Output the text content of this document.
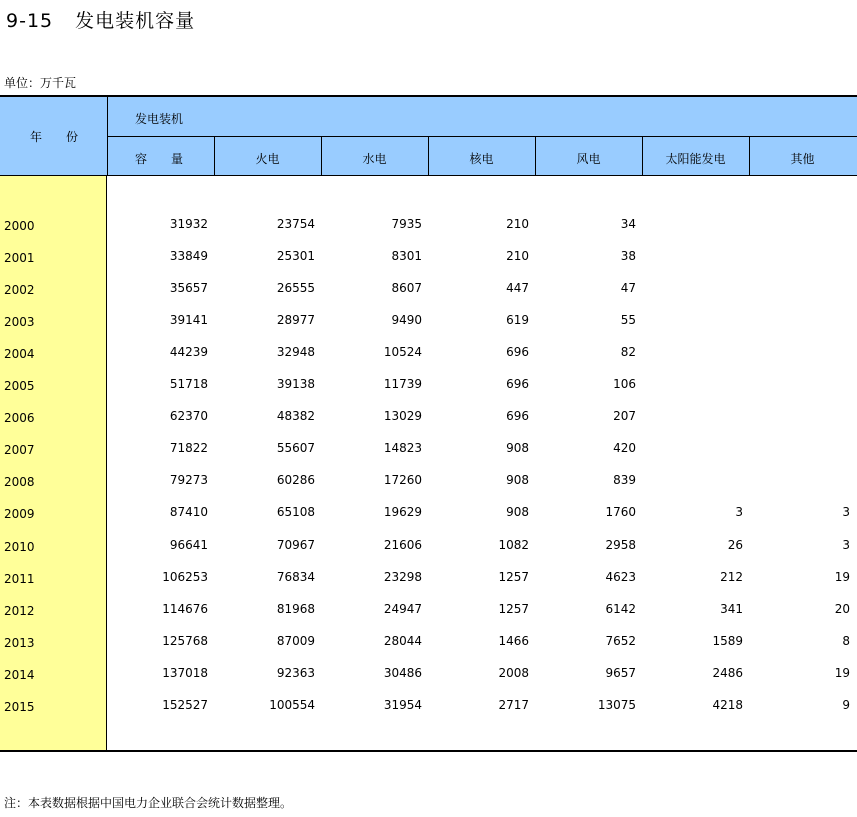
9-15 发电装机容量
单位：万千瓦
年　　份
发电装机
容　　量	火电	水电	核电	风电	太阳能发电	其他
2000	31932	23754	7935	210	34
2001	33849	25301	8301	210	38
2002	35657	26555	8607	447	47
2003	39141	28977	9490	619	55
2004	44239	32948	10524	696	82
2005	51718	39138	11739	696	106
2006	62370	48382	13029	696	207
2007	71822	55607	14823	908	420
2008	79273	60286	17260	908	839
2009	87410	65108	19629	908	1760	3	3
2010	96641	70967	21606	1082	2958	26	3
2011	106253	76834	23298	1257	4623	212	19
2012	114676	81968	24947	1257	6142	341	20
2013	125768	87009	28044	1466	7652	1589	8
2014	137018	92363	30486	2008	9657	2486	19
2015	152527	100554	31954	2717	13075	4218	9
注：本表数据根据中国电力企业联合会统计数据整理。
